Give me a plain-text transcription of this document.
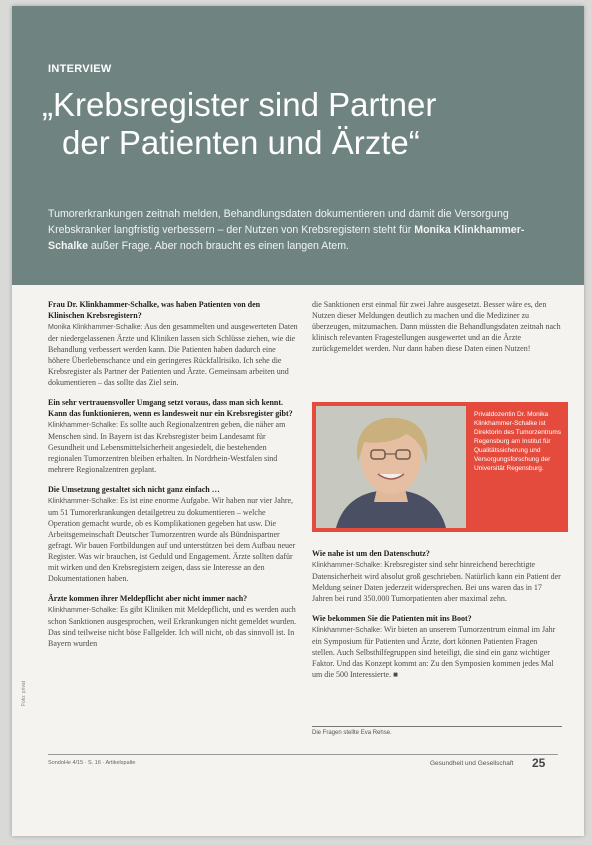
INTERVIEW
„Krebsregister sind Partner
der Patienten und Ärzte“

Tumorerkrankungen zeitnah melden, Behandlungsdaten dokumentieren und damit die Versorgung Krebskranker langfristig verbessern – der Nutzen von Krebsregistern steht für Monika Klinkhammer-Schalke außer Frage. Aber noch braucht es einen langen Atem.

Frau Dr. Klinkhammer-Schalke, was haben Patienten von den Klinischen Krebsregistern?
Monika Klinkhammer-Schalke: Aus den gesammelten und ausgewerteten Daten der niedergelassenen Ärzte und Kliniken lassen sich Schlüsse ziehen, wie die Behandlung verbessert werden kann. Die Patienten haben dadurch eine höhere Überlebenschance und ein geringeres Rückfallrisiko. Ich sehe die Krebsregister als Partner der Patienten und Ärzte. Gemeinsam arbeiten und dokumentieren – das sollte das Ziel sein.

Ein sehr vertrauensvoller Umgang setzt voraus, dass man sich kennt. Kann das funktionieren, wenn es landesweit nur ein Krebsregister gibt?
Klinkhammer-Schalke: Es sollte auch Regionalzentren geben, die näher am Menschen sind. In Bayern ist das Krebsregister beim Landesamt für Gesundheit und Lebensmittelsicherheit angesiedelt, die bestehenden regionalen Tumorzentren bleiben erhalten. In Nordrhein-Westfalen sind mehrere Regionalzentren geplant.

Die Umsetzung gestaltet sich nicht ganz einfach …
Klinkhammer-Schalke: Es ist eine enorme Aufgabe. Wir haben nur vier Jahre, um 51 Tumorerkrankungen detailgetreu zu dokumentieren – welche Operation gemacht wurde, ob es Komplikationen gegeben hat usw. Die Arbeitsgemeinschaft Deutscher Tumorzentren wurde als Bündnispartner gefragt. Wir bauen Fortbildungen auf und unterstützen bei dem Aufbau neuer Register. Was wir brauchen, ist Geduld und Engagement. Ärzte sollten dafür mit wirken und den Krebsregistern zeigen, dass sie Interesse an den Dokumentationen haben.

Ärzte kommen ihrer Meldepflicht aber nicht immer nach?
Klinkhammer-Schalke: Es gibt Kliniken mit Meldepflicht, und es werden auch schon Sanktionen ausgesprochen, weil Erkrankungen nicht gemeldet wurden. Das sind teilweise nicht böse Fallgelder. Ich will nicht, ob das sinnvoll ist. In Bayern wurden

die Sanktionen erst einmal für zwei Jahre ausgesetzt. Besser wäre es, den Nutzen dieser Meldungen deutlich zu machen und die Mediziner zu überzeugen, mitzumachen. Dann müssten die Behandlungsdaten zeitnah nach klinisch relevanten Fragestellungen ausgewertet und an die Ärzte zurückgemeldet werden. Nur dann haben diese Daten einen Nutzen!

Privatdozentin Dr. Monika Klinkhammer-Schalke ist Direktorin des Tumorzentrums Regensburg am Institut für Qualitätssicherung und Versorgungsforschung der Universität Regensburg.

Wie nahe ist um den Datenschutz?
Klinkhammer-Schalke: Krebsregister sind sehr hinreichend berechtigte Datensicherheit wird absolut groß geschrieben. Natürlich kann ein Patient der Meldung seiner Daten jederzeit widersprechen. Bei uns waren das in 17 Jahren bei rund 350.000 Tumorpatienten aber maximal zehn.

Wie bekommen Sie die Patienten mit ins Boot?
Klinkhammer-Schalke: Wir bieten an unserem Tumorzentrum einmal im Jahr ein Symposium für Patienten und Ärzte, dort können Patienten Fragen stellen. Auch Selbsthilfegruppen sind beteiligt, die sind ein ganz wichtiger Faktor. Und das Konzept kommt an: Zu den Symposien kommen jedes Mal um die 500 Interessierte. ■

Die Fragen stellte Eva Rehse.
SondoHe 4/15 · S. 16 · Artikelspalte	Gesundheit und Gesellschaft 25
Foto: privat
